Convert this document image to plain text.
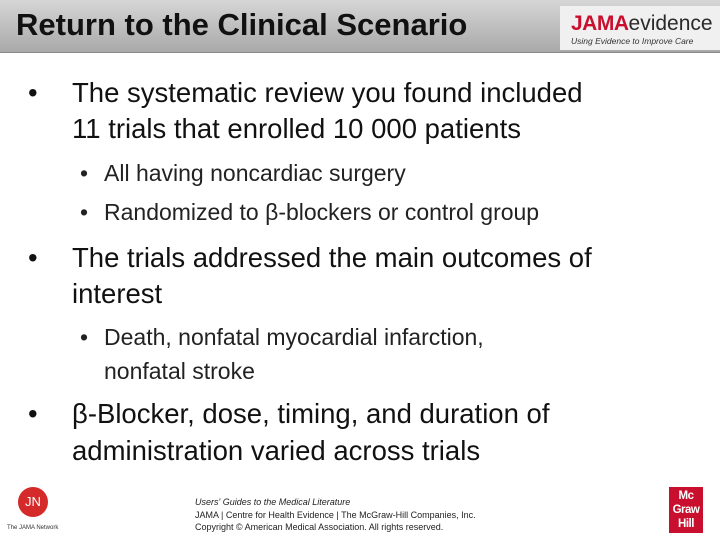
Return to the Clinical Scenario	JAMAevidence
Using Evidence to Improve Care
• The systematic review you found included
11 trials that enrolled 10 000 patients
• All having noncardiac surgery
• Randomized to β-blockers or control group
• The trials addressed the main outcomes of
interest
• Death, nonfatal myocardial infarction,
nonfatal stroke
• β-Blocker, dose, timing, and duration of
administration varied across trials
JN
The JAMA Network
Users' Guides to the Medical Literature
JAMA | Centre for Health Evidence | The McGraw-Hill Companies, Inc.
Copyright © American Medical Association. All rights reserved.
Mc
Graw
Hill
